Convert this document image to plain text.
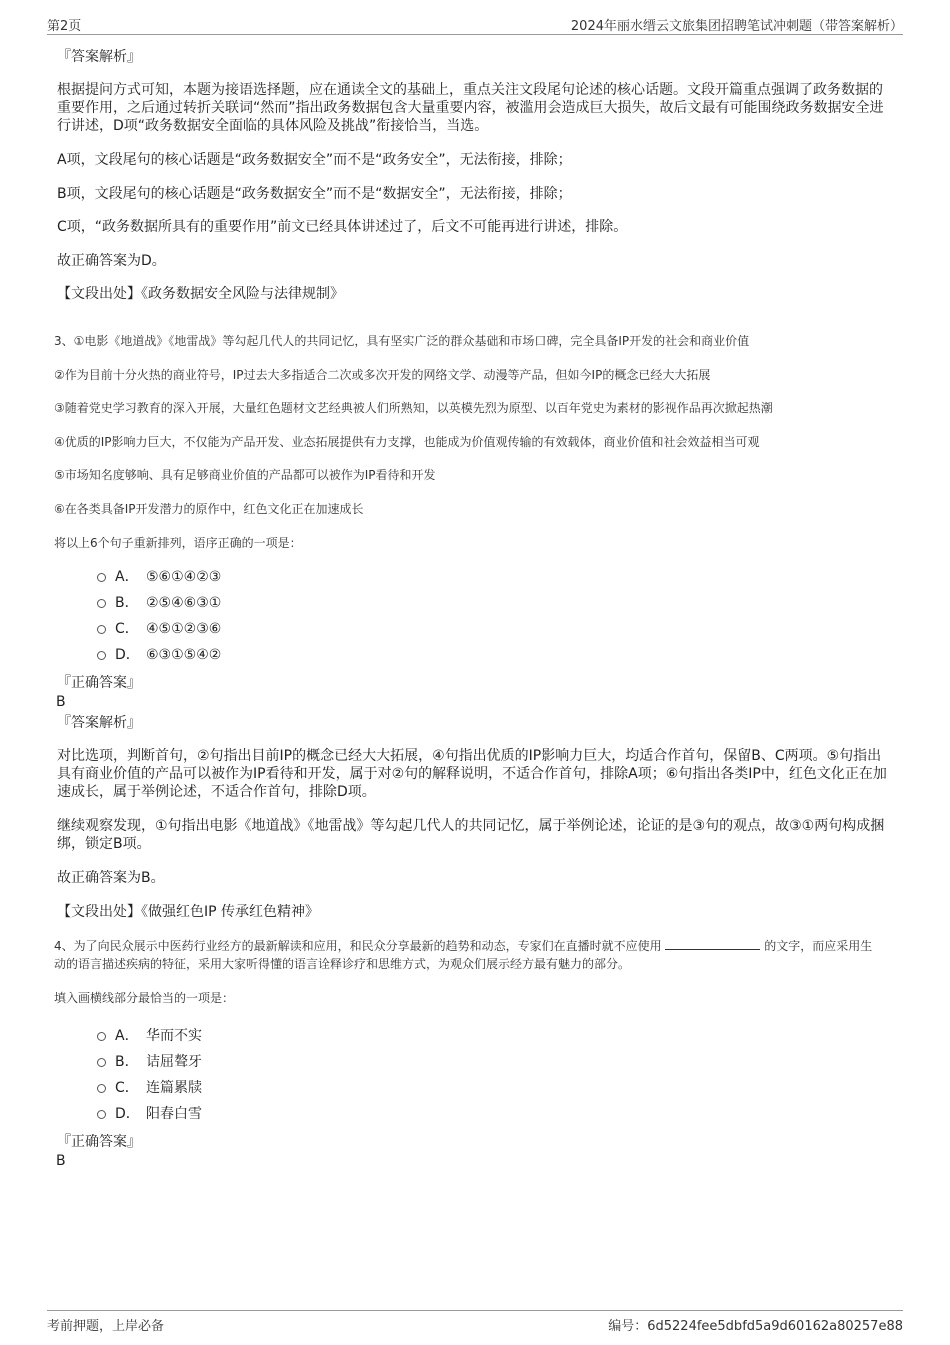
第2页	2024年丽水缙云文旅集团招聘笔试冲刺题（带答案解析）

『答案解析』

根据提问方式可知，本题为接语选择题，应在通读全文的基础上，重点关注文段尾句论述的核心话题。文段开篇重点强调了政务数据的重要作用，之后通过转折关联词“然而”指出政务数据包含大量重要内容，被滥用会造成巨大损失，故后文最有可能围绕政务数据安全进行讲述，D项“政务数据安全面临的具体风险及挑战”衔接恰当，当选。

A项，文段尾句的核心话题是“政务数据安全”而不是“政务安全”，无法衔接，排除；

B项，文段尾句的核心话题是“政务数据安全”而不是“数据安全”，无法衔接，排除；

C项，“政务数据所具有的重要作用”前文已经具体讲述过了，后文不可能再进行讲述，排除。

故正确答案为D。

【文段出处】《政务数据安全风险与法律规制》

3、①电影《地道战》《地雷战》等勾起几代人的共同记忆，具有坚实广泛的群众基础和市场口碑，完全具备IP开发的社会和商业价值

②作为目前十分火热的商业符号，IP过去大多指适合二次或多次开发的网络文学、动漫等产品，但如今IP的概念已经大大拓展

③随着党史学习教育的深入开展，大量红色题材文艺经典被人们所熟知，以英模先烈为原型、以百年党史为素材的影视作品再次掀起热潮

④优质的IP影响力巨大，不仅能为产品开发、业态拓展提供有力支撑，也能成为价值观传输的有效载体，商业价值和社会效益相当可观

⑤市场知名度够响、具有足够商业价值的产品都可以被作为IP看待和开发

⑥在各类具备IP开发潜力的原作中，红色文化正在加速成长

将以上6个句子重新排列，语序正确的一项是：

A． ⑤⑥①④②③
B． ②⑤④⑥③①
C． ④⑤①②③⑥
D． ⑥③①⑤④②

『正确答案』

B

『答案解析』

对比选项，判断首句，②句指出目前IP的概念已经大大拓展，④句指出优质的IP影响力巨大，均适合作首句，保留B、C两项。⑤句指出具有商业价值的产品可以被作为IP看待和开发，属于对②句的解释说明，不适合作首句，排除A项；⑥句指出各类IP中，红色文化正在加速成长，属于举例论述，不适合作首句，排除D项。

继续观察发现，①句指出电影《地道战》《地雷战》等勾起几代人的共同记忆，属于举例论述，论证的是③句的观点，故③①两句构成捆绑，锁定B项。

故正确答案为B。

【文段出处】《做强红色IP 传承红色精神》

4、为了向民众展示中医药行业经方的最新解读和应用，和民众分享最新的趋势和动态，专家们在直播时就不应使用	的文字，而应采用生动的语言描述疾病的特征，采用大家听得懂的语言诠释诊疗和思维方式，为观众们展示经方最有魅力的部分。

填入画横线部分最恰当的一项是：

A． 华而不实
B． 诘屈聱牙
C． 连篇累牍
D． 阳春白雪

『正确答案』

B

考前押题，上岸必备	编号：6d5224fee5dbfd5a9d60162a80257e88
